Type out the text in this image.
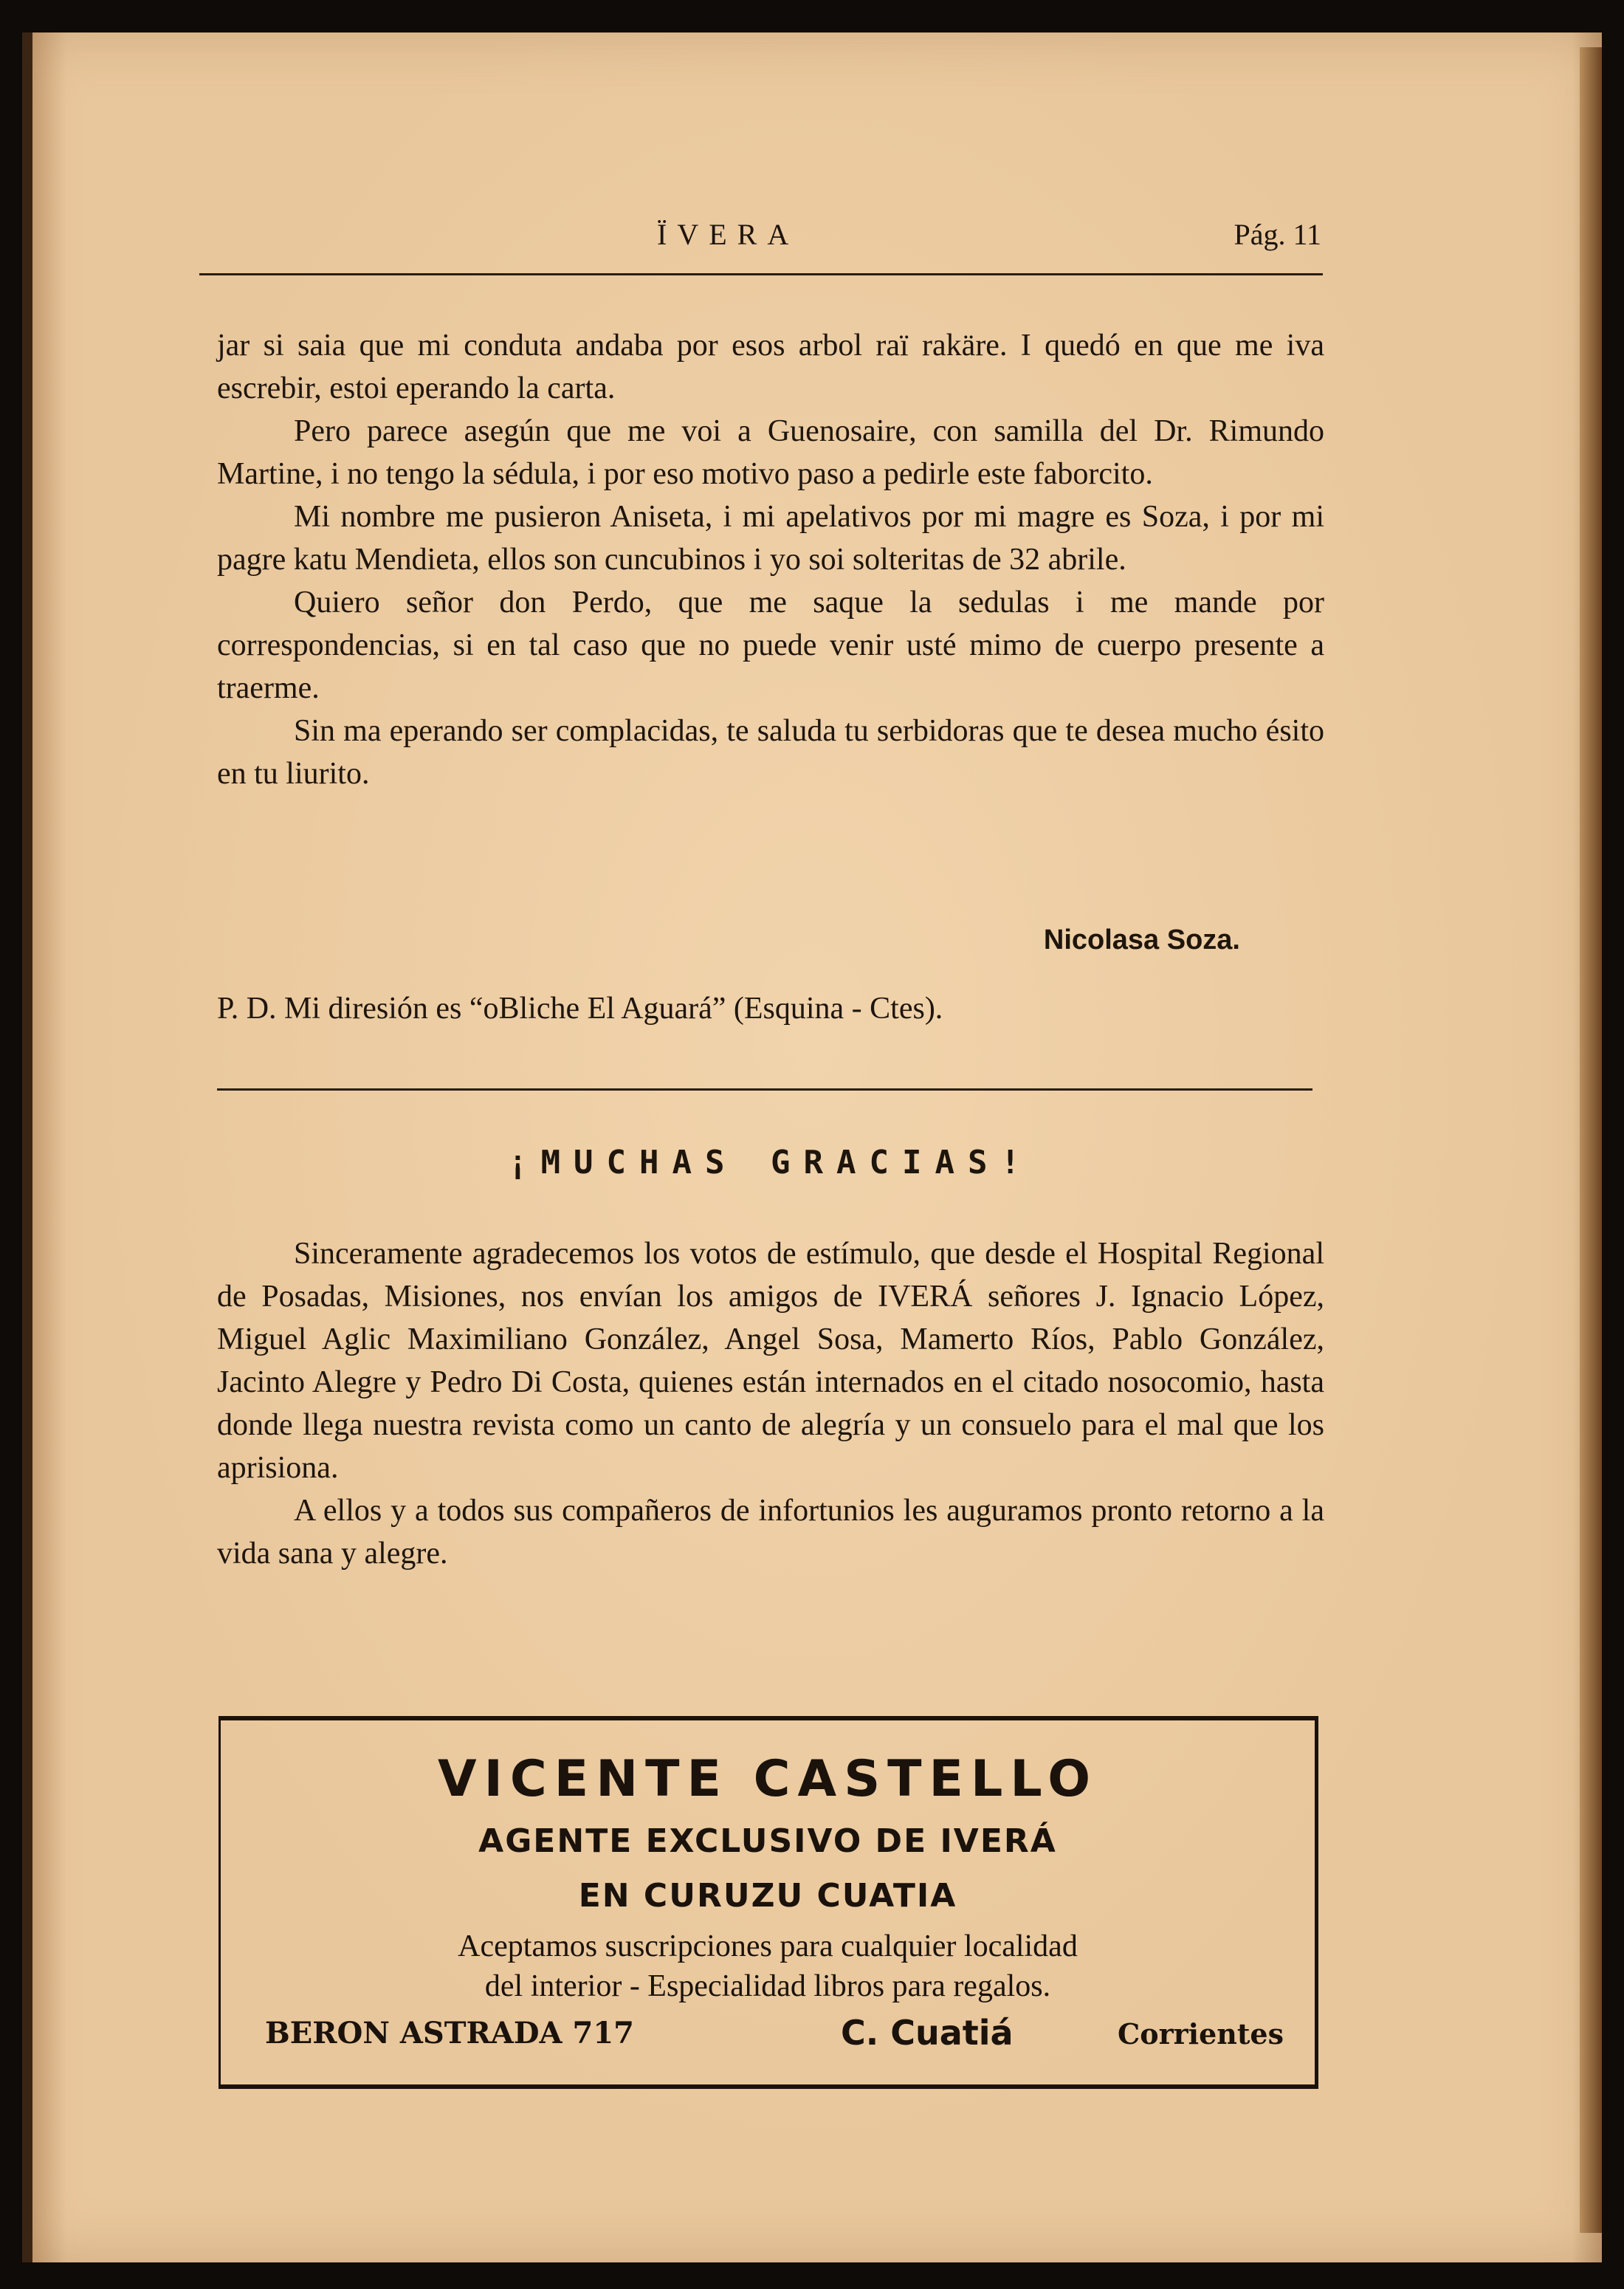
ÏVERA	Pág. 11

jar si saia que mi conduta andaba por esos arbol raï rakäre. I quedó en que me iva escrebir, estoi eperando la carta.

Pero parece asegún que me voi a Guenosaire, con samilla del Dr. Rimundo Martine, i no tengo la sédula, i por eso motivo paso a pedirle este faborcito.

Mi nombre me pusieron Aniseta, i mi apelativos por mi magre es Soza, i por mi pagre katu Mendieta, ellos son cuncubinos i yo soi solteritas de 32 abrile.

Quiero señor don Perdo, que me saque la sedulas i me mande por correspondencias, si en tal caso que no puede venir usté mimo de cuerpo presente a traerme.

Sin ma eperando ser complacidas, te saluda tu serbidoras que te desea mucho ésito en tu liurito.

Nicolasa Soza.
P. D. Mi diresión es “oBliche El Aguará” (Esquina - Ctes).
¡MUCHAS GRACIAS!

Sinceramente agradecemos los votos de estímulo, que desde el Hospital Regional de Posadas, Misiones, nos envían los amigos de IVERÁ señores J. Ignacio López, Miguel Aglic Maximiliano González, Angel Sosa, Mamerto Ríos, Pablo González, Jacinto Alegre y Pedro Di Costa, quienes están internados en el citado nosocomio, hasta donde llega nuestra revista como un canto de alegría y un consuelo para el mal que los aprisiona.

A ellos y a todos sus compañeros de infortunios les auguramos pronto retorno a la vida sana y alegre.

VICENTE CASTELLO
AGENTE EXCLUSIVO DE IVERÁ
EN CURUZU CUATIA
Aceptamos suscripciones para cualquier localidad
del interior - Especialidad libros para regalos.
BERON ASTRADA 717	C. Cuatiá	Corrientes
